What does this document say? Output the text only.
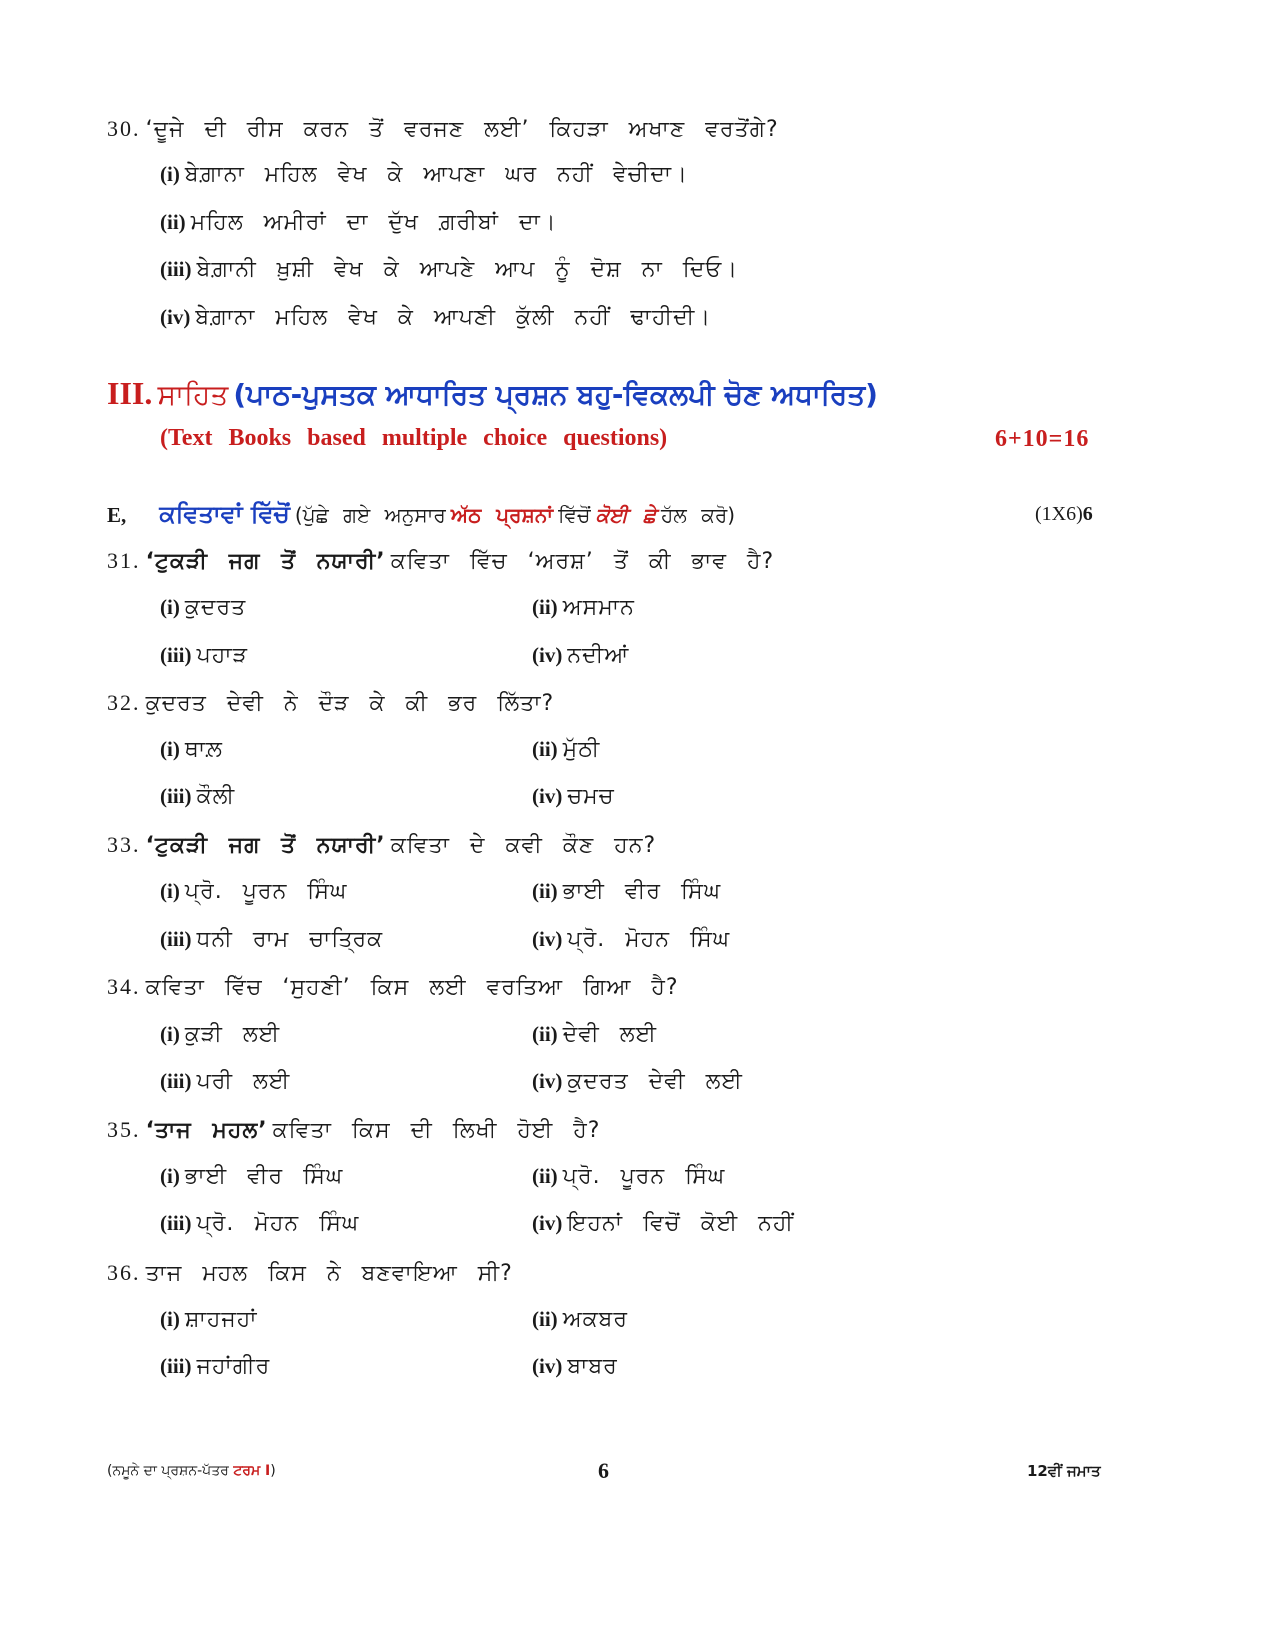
30. ‘ਦੂਜੇ ਦੀ ਰੀਸ ਕਰਨ ਤੋਂ ਵਰਜਣ ਲਈ’ ਕਿਹੜਾ ਅਖਾਣ ਵਰਤੋਂਗੇ?
(i) ਬੇਗ਼ਾਨਾ ਮਹਿਲ ਵੇਖ ਕੇ ਆਪਣਾ ਘਰ ਨਹੀਂ ਵੇਚੀਦਾ।
(ii) ਮਹਿਲ ਅਮੀਰਾਂ ਦਾ ਦੁੱਖ ਗ਼ਰੀਬਾਂ ਦਾ।
(iii) ਬੇਗ਼ਾਨੀ ਖ਼ੁਸ਼ੀ ਵੇਖ ਕੇ ਆਪਣੇ ਆਪ ਨੂੰ ਦੋਸ਼ ਨਾ ਦਿਓ।
(iv) ਬੇਗ਼ਾਨਾ ਮਹਿਲ ਵੇਖ ਕੇ ਆਪਣੀ ਕੁੱਲੀ ਨਹੀਂ ਢਾਹੀਦੀ।
III. ਸਾਹਿਤ (ਪਾਠ-ਪੁਸਤਕ ਆਧਾਰਿਤ ਪ੍ਰਸ਼ਨ ਬਹੁ-ਵਿਕਲਪੀ ਚੋਣ ਅਧਾਰਿਤ)
(Text Books based multiple choice questions)	6+10=16
E, ਕਵਿਤਾਵਾਂ ਵਿੱਚੋਂ (ਪੁੱਛੇ ਗਏ ਅਨੁਸਾਰ ਅੱਠ ਪ੍ਰਸ਼ਨਾਂ ਵਿੱਚੋਂ ਕੋਈ ਛੇ ਹੱਲ ਕਰੋ)	(1X6)6
31. ‘ਟੁਕੜੀ ਜਗ ਤੋਂ ਨਯਾਰੀ’ ਕਵਿਤਾ ਵਿੱਚ ‘ਅਰਸ਼’ ਤੋਂ ਕੀ ਭਾਵ ਹੈ?
(i) ਕੁਦਰਤ	(ii) ਅਸਮਾਨ
(iii) ਪਹਾੜ	(iv) ਨਦੀਆਂ
32. ਕੁਦਰਤ ਦੇਵੀ ਨੇ ਦੌੜ ਕੇ ਕੀ ਭਰ ਲਿੱਤਾ?
(i) ਥਾਲ਼	(ii) ਮੁੱਠੀ
(iii) ਕੌਲੀ	(iv) ਚਮਚ
33. ‘ਟੁਕੜੀ ਜਗ ਤੋਂ ਨਯਾਰੀ’ ਕਵਿਤਾ ਦੇ ਕਵੀ ਕੌਣ ਹਨ?
(i) ਪ੍ਰੋ. ਪੂਰਨ ਸਿੰਘ	(ii) ਭਾਈ ਵੀਰ ਸਿੰਘ
(iii) ਧਨੀ ਰਾਮ ਚਾਤ੍ਰਿਕ	(iv) ਪ੍ਰੋ. ਮੋਹਨ ਸਿੰਘ
34. ਕਵਿਤਾ ਵਿੱਚ ‘ਸੁਹਣੀ’ ਕਿਸ ਲਈ ਵਰਤਿਆ ਗਿਆ ਹੈ?
(i) ਕੁੜੀ ਲਈ	(ii) ਦੇਵੀ ਲਈ
(iii) ਪਰੀ ਲਈ	(iv) ਕੁਦਰਤ ਦੇਵੀ ਲਈ
35. ‘ਤਾਜ ਮਹਲ’ ਕਵਿਤਾ ਕਿਸ ਦੀ ਲਿਖੀ ਹੋਈ ਹੈ?
(i) ਭਾਈ ਵੀਰ ਸਿੰਘ	(ii) ਪ੍ਰੋ. ਪੂਰਨ ਸਿੰਘ
(iii) ਪ੍ਰੋ. ਮੋਹਨ ਸਿੰਘ	(iv) ਇਹਨਾਂ ਵਿਚੋਂ ਕੋਈ ਨਹੀਂ
36. ਤਾਜ ਮਹਲ ਕਿਸ ਨੇ ਬਣਵਾਇਆ ਸੀ?
(i) ਸ਼ਾਹਜਹਾਂ	(ii) ਅਕਬਰ
(iii) ਜਹਾਂਗੀਰ	(iv) ਬਾਬਰ
(ਨਮੂਨੇ ਦਾ ਪ੍ਰਸ਼ਨ-ਪੱਤਰ ਟਰਮ I)	6	12ਵੀਂ ਜਮਾਤ
